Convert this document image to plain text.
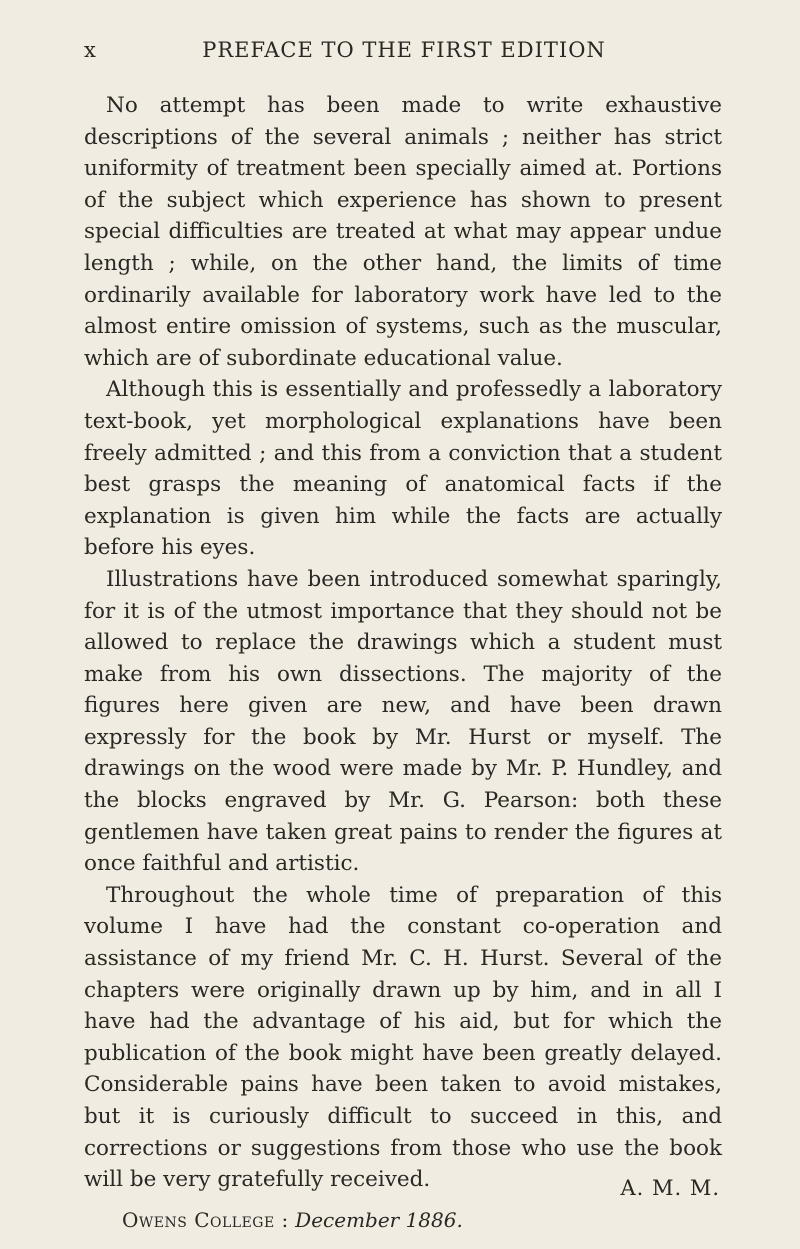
x	PREFACE TO THE FIRST EDITION

No attempt has been made to write exhaustive descriptions of the several animals ; neither has strict uniformity of treatment been specially aimed at. Portions of the subject which experience has shown to present special difficulties are treated at what may appear undue length ; while, on the other hand, the limits of time ordinarily available for laboratory work have led to the almost entire omission of systems, such as the muscular, which are of subordinate educational value.

Although this is essentially and professedly a laboratory text-book, yet morphological explanations have been freely admitted ; and this from a conviction that a student best grasps the meaning of anatomical facts if the explanation is given him while the facts are actually before his eyes.

Illustrations have been introduced somewhat sparingly, for it is of the utmost importance that they should not be allowed to replace the drawings which a student must make from his own dissections. The majority of the figures here given are new, and have been drawn expressly for the book by Mr. Hurst or myself. The drawings on the wood were made by Mr. P. Hundley, and the blocks engraved by Mr. G. Pearson: both these gentlemen have taken great pains to render the figures at once faithful and artistic.

Throughout the whole time of preparation of this volume I have had the constant co-operation and assistance of my friend Mr. C. H. Hurst. Several of the chapters were originally drawn up by him, and in all I have had the advantage of his aid, but for which the publication of the book might have been greatly delayed. Considerable pains have been taken to avoid mistakes, but it is curiously difficult to succeed in this, and corrections or suggestions from those who use the book will be very gratefully received.	A. M. M.
Owens College : December 1886.
